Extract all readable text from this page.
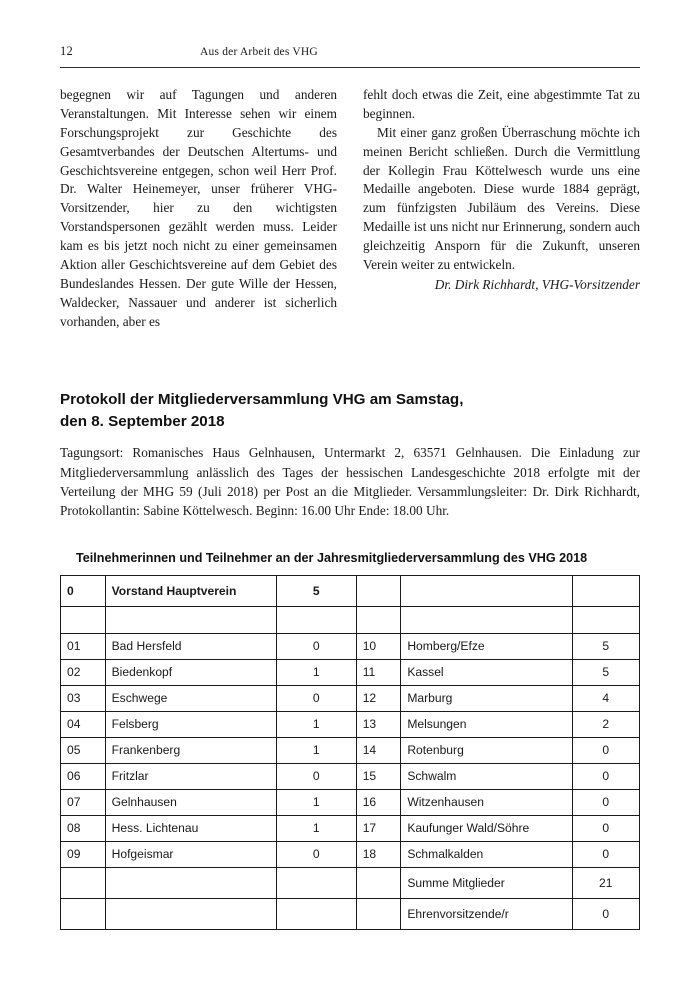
12	Aus der Arbeit des VHG

begegnen wir auf Tagungen und anderen Veranstaltungen. Mit Interesse sehen wir einem Forschungsprojekt zur Geschichte des Gesamtverbandes der Deutschen Altertums- und Geschichtsvereine entgegen, schon weil Herr Prof. Dr. Walter Heinemeyer, unser früherer VHG-Vorsitzender, hier zu den wichtigsten Vorstandspersonen gezählt werden muss. Leider kam es bis jetzt noch nicht zu einer gemeinsamen Aktion aller Geschichtsvereine auf dem Gebiet des Bundeslandes Hessen. Der gute Wille der Hessen, Waldecker, Nassauer und anderer ist sicherlich vorhanden, aber es

fehlt doch etwas die Zeit, eine abgestimmte Tat zu beginnen.

Mit einer ganz großen Überraschung möchte ich meinen Bericht schließen. Durch die Vermittlung der Kollegin Frau Köttelwesch wurde uns eine Medaille angeboten. Diese wurde 1884 geprägt, zum fünfzigsten Jubiläum des Vereins. Diese Medaille ist uns nicht nur Erinnerung, sondern auch gleichzeitig Ansporn für die Zukunft, unseren Verein weiter zu entwickeln.

Dr. Dirk Richhardt, VHG-Vorsitzender
Protokoll der Mitgliederversammlung VHG am Samstag,
den 8. September 2018

Tagungsort: Romanisches Haus Gelnhausen, Untermarkt 2, 63571 Gelnhausen. Die Einladung zur Mitgliederversammlung anlässlich des Tages der hessischen Landesgeschichte 2018 erfolgte mit der Verteilung der MHG 59 (Juli 2018) per Post an die Mitglieder. Versammlungsleiter: Dr. Dirk Richhardt, Protokollantin: Sabine Köttelwesch. Beginn: 16.00 Uhr Ende: 18.00 Uhr.

Teilnehmerinnen und Teilnehmer an der Jahresmitgliederversammlung des VHG 2018
0	Vorstand Hauptverein	5			

01	Bad Hersfeld	0	10	Homberg/Efze	5
02	Biedenkopf	1	11	Kassel	5
03	Eschwege	0	12	Marburg	4
04	Felsberg	1	13	Melsungen	2
05	Frankenberg	1	14	Rotenburg	0
06	Fritzlar	0	15	Schwalm	0
07	Gelnhausen	1	16	Witzenhausen	0
08	Hess. Lichtenau	1	17	Kaufunger Wald/Söhre	0
09	Hofgeismar	0	18	Schmalkalden	0
				Summe Mitglieder	21
				Ehrenvorsitzende/r	0
